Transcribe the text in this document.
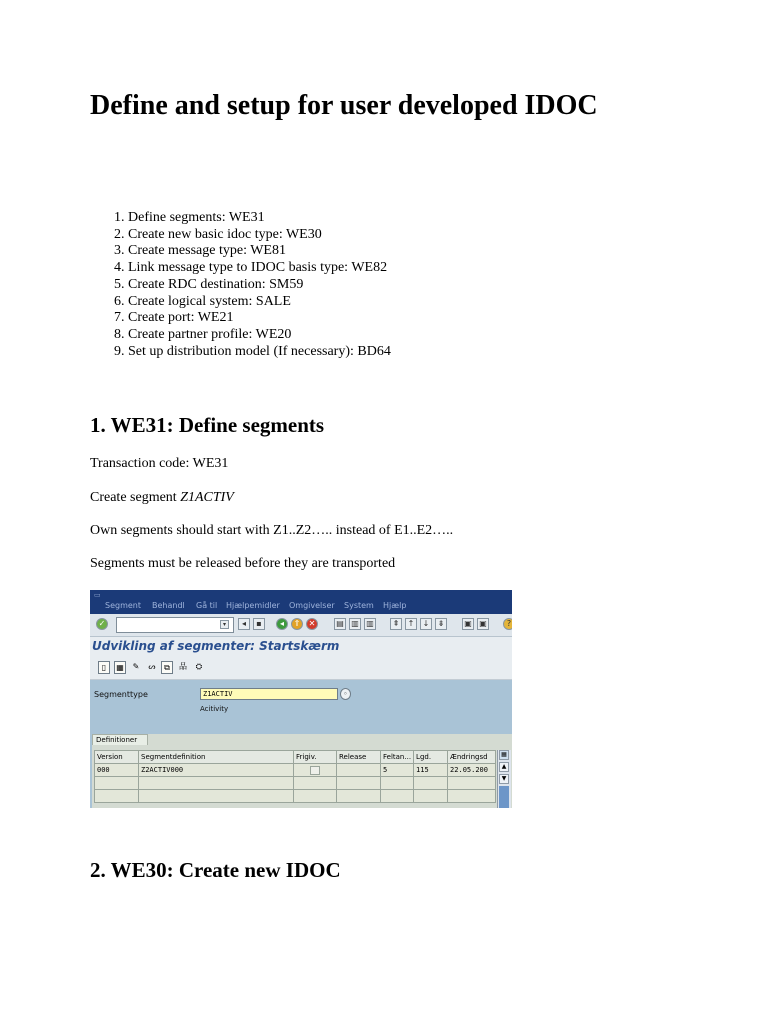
Define and setup for user developed IDOC
1. Define segments: WE31
2. Create new basic idoc type: WE30
3. Create message type: WE81
4. Link message type to IDOC basis type: WE82
5. Create RDC destination: SM59
6. Create logical system: SALE
7. Create port: WE21
8. Create partner profile: WE20
9. Set up distribution model (If necessary): BD64
1. WE31: Define segments

Transaction code: WE31

Create segment Z1ACTIV

Own segments should start with Z1..Z2….. instead of E1..E2…..

Segments must be released before they are transported

▭
Segment Behandl Gå til Hjælpemidler Omgivelser System Hjælp
✓	▾	◂	▪	◂	⇑	✕	▤ ▥ ▥	⇞	↑	↓	⇟	▣ ▣	?
Udvikling af segmenter: Startskærm
▯	▦	✎	ᔕ	⧉	品	⛭
Segmenttype	Z1ACTIV	◦
Acitivity
Definitioner
Version	Segmentdefinition	Frigiv.	Release	Feltan...	Lgd.	Ændringsd
000	Z2ACTIV000			5	115	22.05.200

▦
▲
▼
2. WE30: Create new IDOC
